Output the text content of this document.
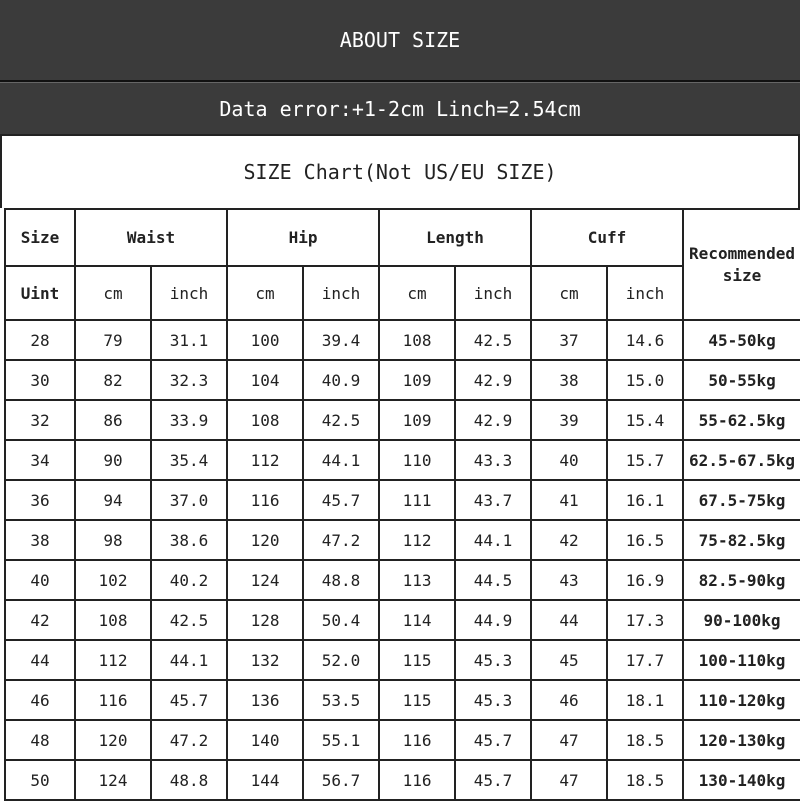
ABOUT SIZE
Data error:+1-2cm Linch=2.54cm
SIZE Chart(Not US/EU SIZE)
Size	Waist		Hip		Length		Cuff		Recommended size
Uint	cm	inch	cm	inch	cm	inch	cm	inch	
28	79	31.1	100	39.4	108	42.5	37	14.6	45-50kg
30	82	32.3	104	40.9	109	42.9	38	15.0	50-55kg
32	86	33.9	108	42.5	109	42.9	39	15.4	55-62.5kg
34	90	35.4	112	44.1	110	43.3	40	15.7	62.5-67.5kg
36	94	37.0	116	45.7	111	43.7	41	16.1	67.5-75kg
38	98	38.6	120	47.2	112	44.1	42	16.5	75-82.5kg
40	102	40.2	124	48.8	113	44.5	43	16.9	82.5-90kg
42	108	42.5	128	50.4	114	44.9	44	17.3	90-100kg
44	112	44.1	132	52.0	115	45.3	45	17.7	100-110kg
46	116	45.7	136	53.5	115	45.3	46	18.1	110-120kg
48	120	47.2	140	55.1	116	45.7	47	18.5	120-130kg
50	124	48.8	144	56.7	116	45.7	47	18.5	130-140kg
